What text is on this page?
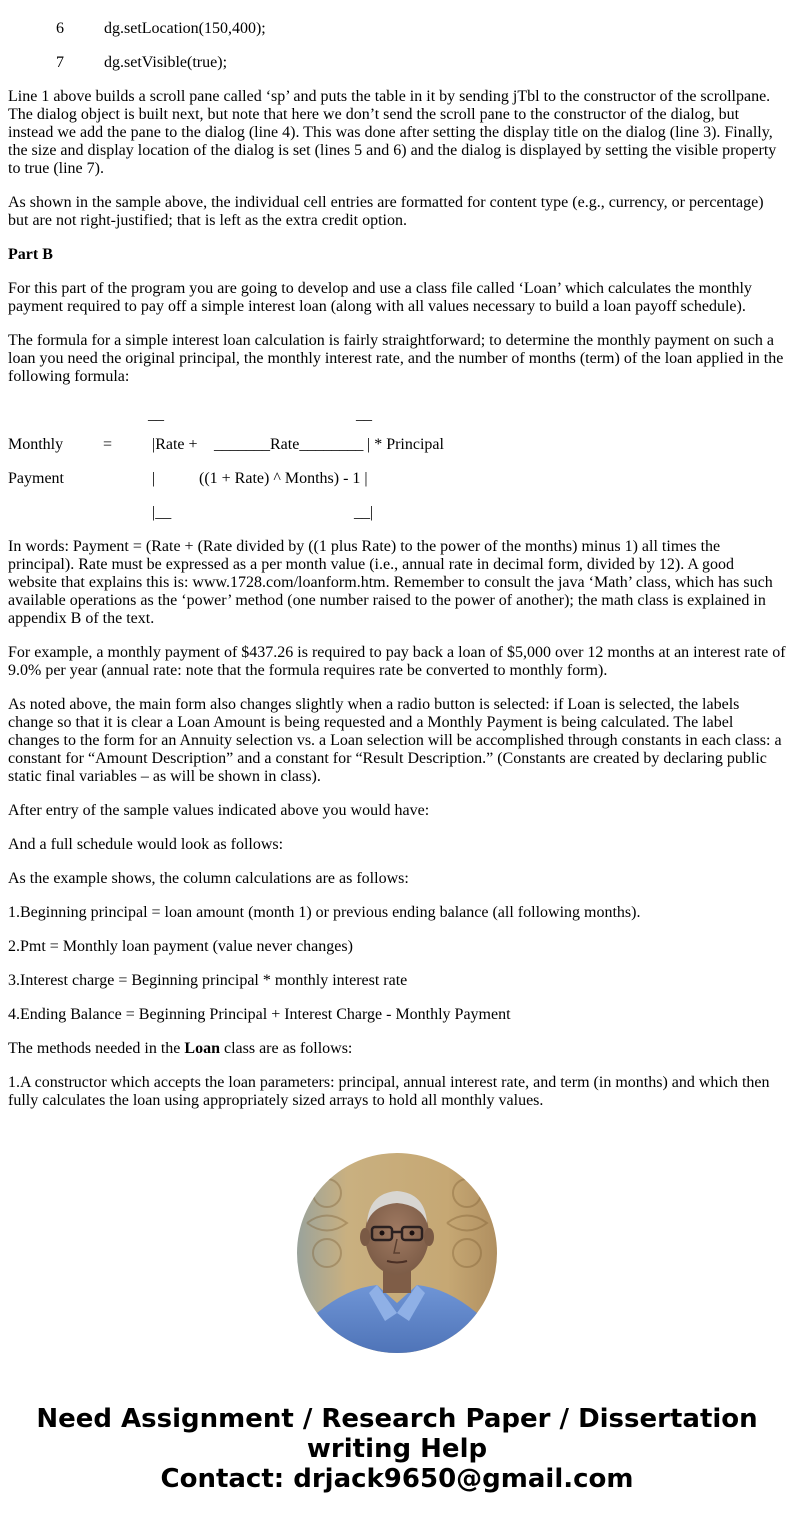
6	dg.setLocation(150,400);
7	dg.setVisible(true);

Line 1 above builds a scroll pane called ‘sp’ and puts the table in it by sending jTbl to the constructor of the scrollpane. The dialog object is built next, but note that here we don’t send the scroll pane to the constructor of the dialog, but instead we add the pane to the dialog (line 4). This was done after setting the display title on the dialog (line 3). Finally, the size and display location of the dialog is set (lines 5 and 6) and the dialog is displayed by setting the visible property to true (line 7).

As shown in the sample above, the individual cell entries are formatted for content type (e.g., currency, or percentage) but are not right-justified; that is left as the extra credit option.

Part B

For this part of the program you are going to develop and use a class file called ‘Loan’ which calculates the monthly payment required to pay off a simple interest loan (along with all values necessary to build a loan payoff schedule).

The formula for a simple interest loan calculation is fairly straightforward; to determine the monthly payment on such a loan you need the original principal, the monthly interest rate, and the number of months (term) of the loan applied in the following formula:

__	__
Monthly = |Rate + _______Rate________ | * Principal
Payment	|	((1 + Rate) ^ Months) - 1 |
|__	__|

In words: Payment = (Rate + (Rate divided by ((1 plus Rate) to the power of the months) minus 1) all times the principal). Rate must be expressed as a per month value (i.e., annual rate in decimal form, divided by 12). A good website that explains this is: www.1728.com/loanform.htm. Remember to consult the java ‘Math’ class, which has such available operations as the ‘power’ method (one number raised to the power of another); the math class is explained in appendix B of the text.

For example, a monthly payment of $437.26 is required to pay back a loan of $5,000 over 12 months at an interest rate of 9.0% per year (annual rate: note that the formula requires rate be converted to monthly form).

As noted above, the main form also changes slightly when a radio button is selected: if Loan is selected, the labels change so that it is clear a Loan Amount is being requested and a Monthly Payment is being calculated. The label changes to the form for an Annuity selection vs. a Loan selection will be accomplished through constants in each class: a constant for “Amount Description” and a constant for “Result Description.” (Constants are created by declaring public static final variables – as will be shown in class).

After entry of the sample values indicated above you would have:

And a full schedule would look as follows:

As the example shows, the column calculations are as follows:

1.Beginning principal = loan amount (month 1) or previous ending balance (all following months).

2.Pmt = Monthly loan payment (value never changes)

3.Interest charge = Beginning principal * monthly interest rate

4.Ending Balance = Beginning Principal + Interest Charge - Monthly Payment

The methods needed in the Loan class are as follows:

1.A constructor which accepts the loan parameters: principal, annual interest rate, and term (in months) and which then fully calculates the loan using appropriately sized arrays to hold all monthly values.

Need Assignment / Research Paper / Dissertation
writing Help
Contact: drjack9650@gmail.com
